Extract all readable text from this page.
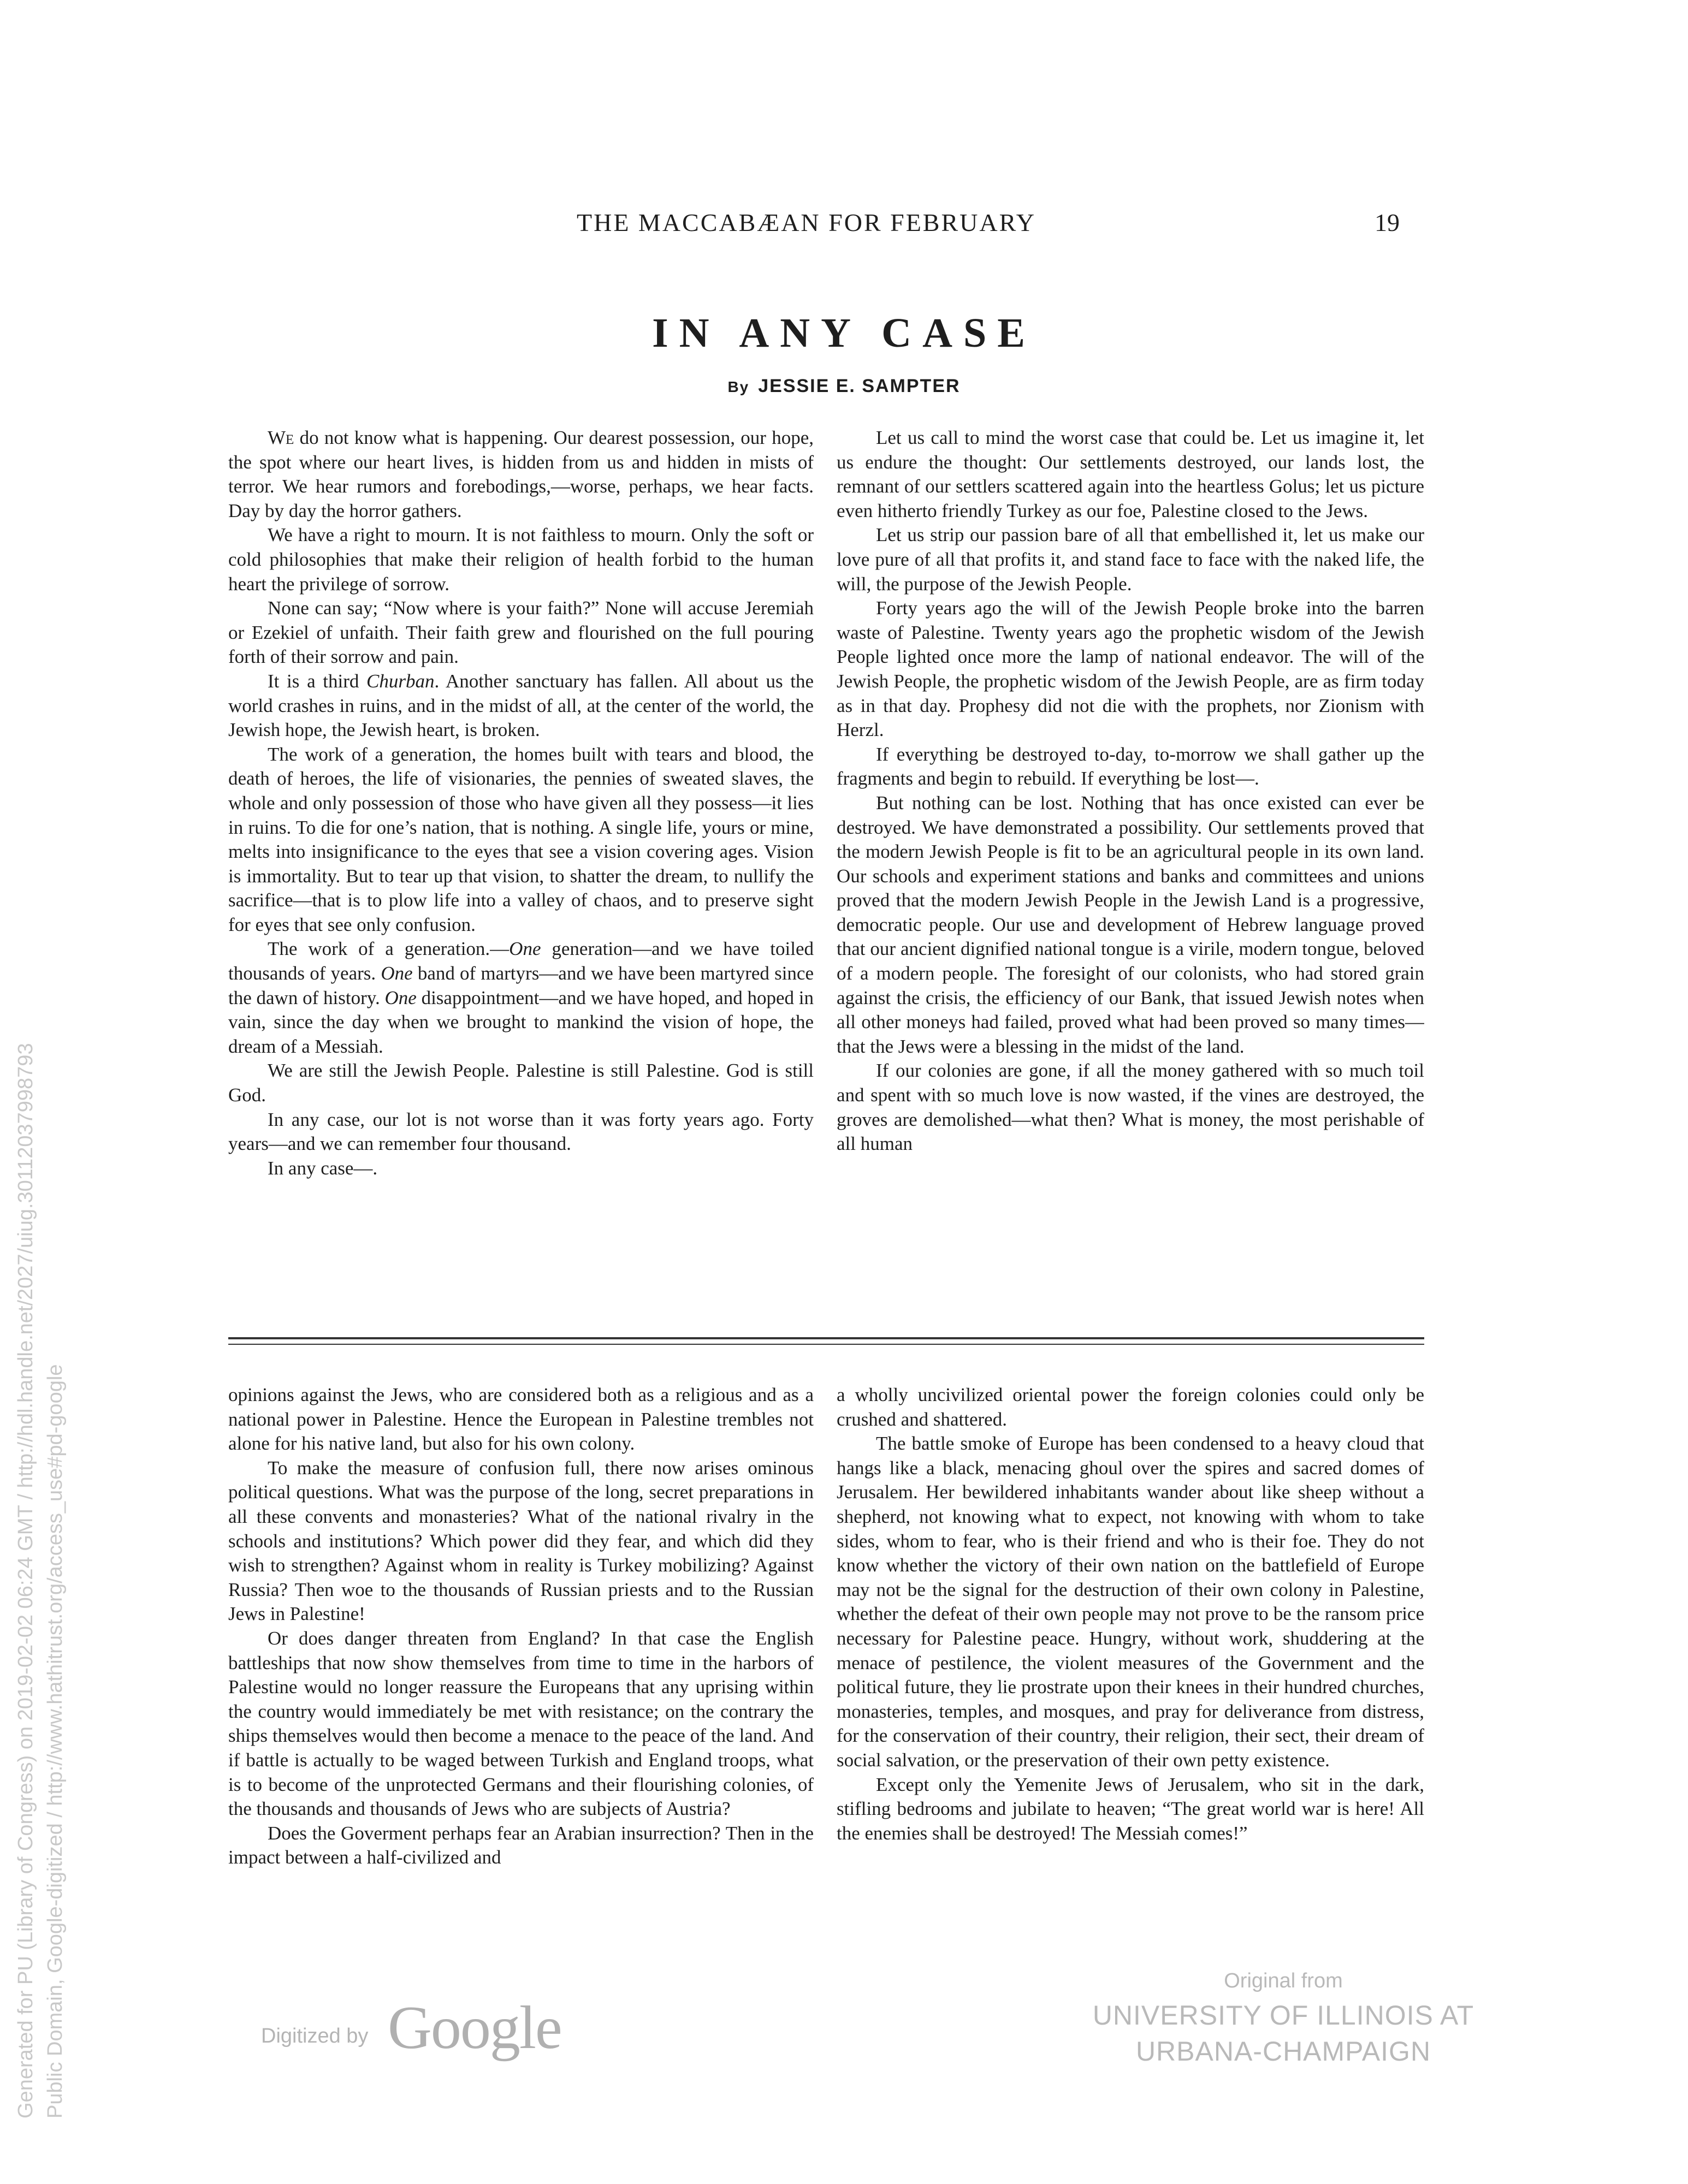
THE MACCABÆAN FOR FEBRUARY	19
IN ANY CASE
By JESSIE E. SAMPTER

We do not know what is happening. Our dearest possession, our hope, the spot where our heart lives, is hidden from us and hidden in mists of terror. We hear rumors and forebodings,—worse, perhaps, we hear facts. Day by day the horror gathers.

We have a right to mourn. It is not faithless to mourn. Only the soft or cold philosophies that make their religion of health forbid to the human heart the privilege of sorrow.

None can say; “Now where is your faith?” None will accuse Jeremiah or Ezekiel of unfaith. Their faith grew and flourished on the full pouring forth of their sorrow and pain.

It is a third Churban. Another sanctuary has fallen. All about us the world crashes in ruins, and in the midst of all, at the center of the world, the Jewish hope, the Jewish heart, is broken.

The work of a generation, the homes built with tears and blood, the death of heroes, the life of visionaries, the pennies of sweated slaves, the whole and only possession of those who have given all they possess—it lies in ruins. To die for one’s nation, that is nothing. A single life, yours or mine, melts into insignificance to the eyes that see a vision covering ages. Vision is immortality. But to tear up that vision, to shatter the dream, to nullify the sacrifice—that is to plow life into a valley of chaos, and to preserve sight for eyes that see only confusion.

The work of a generation.—One generation—and we have toiled thousands of years. One band of martyrs—and we have been martyred since the dawn of history. One disappointment—and we have hoped, and hoped in vain, since the day when we brought to mankind the vision of hope, the dream of a Messiah.

We are still the Jewish People. Palestine is still Palestine. God is still God.

In any case, our lot is not worse than it was forty years ago. Forty years—and we can remember four thousand.

In any case—.

Let us call to mind the worst case that could be. Let us imagine it, let us endure the thought: Our settlements destroyed, our lands lost, the remnant of our settlers scattered again into the heartless Golus; let us picture even hitherto friendly Turkey as our foe, Palestine closed to the Jews.

Let us strip our passion bare of all that embellished it, let us make our love pure of all that profits it, and stand face to face with the naked life, the will, the purpose of the Jewish People.

Forty years ago the will of the Jewish People broke into the barren waste of Palestine. Twenty years ago the prophetic wisdom of the Jewish People lighted once more the lamp of national endeavor. The will of the Jewish People, the prophetic wisdom of the Jewish People, are as firm today as in that day. Prophesy did not die with the prophets, nor Zionism with Herzl.

If everything be destroyed to-day, to-morrow we shall gather up the fragments and begin to rebuild. If everything be lost—.

But nothing can be lost. Nothing that has once existed can ever be destroyed. We have demonstrated a possibility. Our settlements proved that the modern Jewish People is fit to be an agricultural people in its own land. Our schools and experiment stations and banks and committees and unions proved that the modern Jewish People in the Jewish Land is a progressive, democratic people. Our use and development of Hebrew language proved that our ancient dignified national tongue is a virile, modern tongue, beloved of a modern people. The foresight of our colonists, who had stored grain against the crisis, the efficiency of our Bank, that issued Jewish notes when all other moneys had failed, proved what had been proved so many times—that the Jews were a blessing in the midst of the land.

If our colonies are gone, if all the money gathered with so much toil and spent with so much love is now wasted, if the vines are destroyed, the groves are demolished—what then? What is money, the most perishable of all human

opinions against the Jews, who are considered both as a religious and as a national power in Palestine. Hence the European in Palestine trembles not alone for his native land, but also for his own colony.

To make the measure of confusion full, there now arises ominous political questions. What was the purpose of the long, secret preparations in all these convents and monasteries? What of the national rivalry in the schools and institutions? Which power did they fear, and which did they wish to strengthen? Against whom in reality is Turkey mobilizing? Against Russia? Then woe to the thousands of Russian priests and to the Russian Jews in Palestine!

Or does danger threaten from England? In that case the English battleships that now show themselves from time to time in the harbors of Palestine would no longer reassure the Europeans that any uprising within the country would immediately be met with resistance; on the contrary the ships themselves would then become a menace to the peace of the land. And if battle is actually to be waged between Turkish and England troops, what is to become of the unprotected Germans and their flourishing colonies, of the thousands and thousands of Jews who are subjects of Austria?

Does the Goverment perhaps fear an Arabian insurrection? Then in the impact between a half-civilized and

a wholly uncivilized oriental power the foreign colonies could only be crushed and shattered.

The battle smoke of Europe has been condensed to a heavy cloud that hangs like a black, menacing ghoul over the spires and sacred domes of Jerusalem. Her bewildered inhabitants wander about like sheep without a shepherd, not knowing what to expect, not knowing with whom to take sides, whom to fear, who is their friend and who is their foe. They do not know whether the victory of their own nation on the battlefield of Europe may not be the signal for the destruction of their own colony in Palestine, whether the defeat of their own people may not prove to be the ransom price necessary for Palestine peace. Hungry, without work, shuddering at the menace of pestilence, the violent measures of the Government and the political future, they lie prostrate upon their knees in their hundred churches, monasteries, temples, and mosques, and pray for deliverance from distress, for the conservation of their country, their religion, their sect, their dream of social salvation, or the preservation of their own petty existence.

Except only the Yemenite Jews of Jerusalem, who sit in the dark, stifling bedrooms and jubilate to heaven; “The great world war is here! All the enemies shall be destroyed! The Messiah comes!”

Generated for PU (Library of Congress) on 2019-02-02 06:24 GMT / http://hdl.handle.net/2027/uiug.30112037998793 Public Domain, Google-digitized / http://www.hathitrust.org/access_use#pd-google	Digitized by Google
Original from
UNIVERSITY OF ILLINOIS AT
URBANA-CHAMPAIGN
